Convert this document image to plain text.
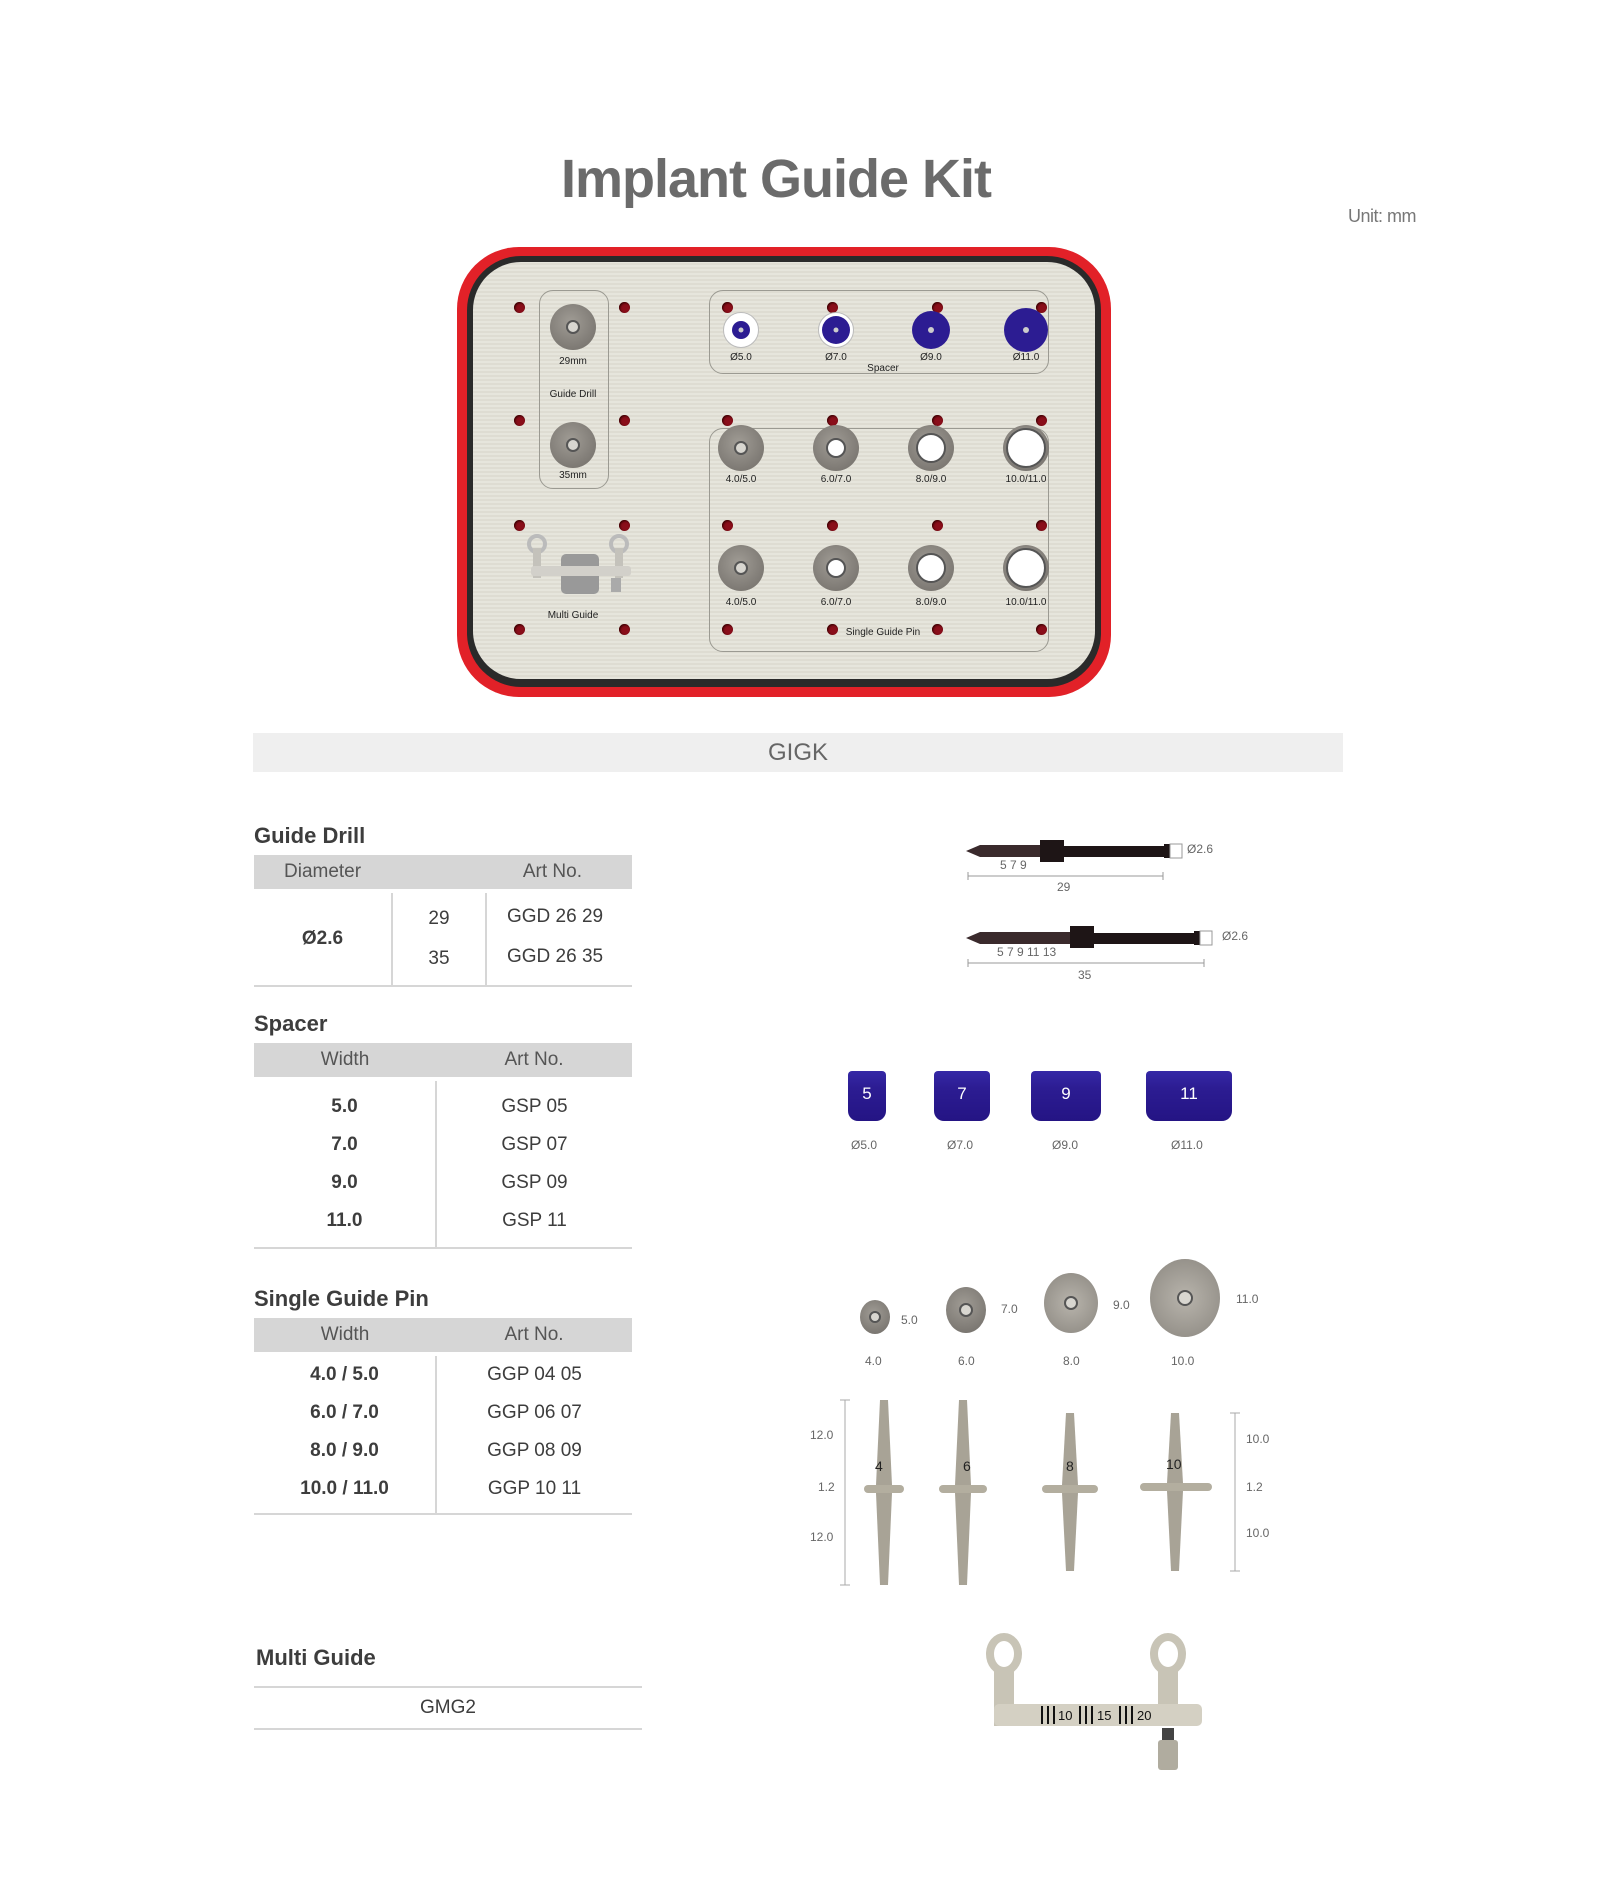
Implant Guide Kit
Unit: mm
29mm
Guide Drill
35mm
Ø5.0	Ø7.0	Ø9.0	Ø11.0
Spacer
4.0/5.0	6.0/7.0	8.0/9.0	10.0/11.0
4.0/5.0	6.0/7.0	8.0/9.0	10.0/11.0
Single Guide Pin
Multi Guide
GIGK
Guide Drill
Diameter		Art No.
Ø2.6	29	GGD 26 29
	35	GGD 26 35
5 7 9
29
Ø2.6
5 7 9 11 13
35
Ø2.6
Spacer
Width	Art No.
5.0	GSP 05
7.0	GSP 07
9.0	GSP 09
11.0	GSP 11
5	7	9	11
Ø5.0	Ø7.0	Ø9.0	Ø11.0
Single Guide Pin
Width	Art No.
4.0 / 5.0	GGP 04 05
6.0 / 7.0	GGP 06 07
8.0 / 9.0	GGP 08 09
10.0 / 11.0	GGP 10 11
5.0
7.0	9.0	11.0
4.0	6.0	8.0	10.0
4	6	8	10
12.0
1.2
12.0
10.0
1.2
10.0
Multi Guide
GMG2	10 15 20
